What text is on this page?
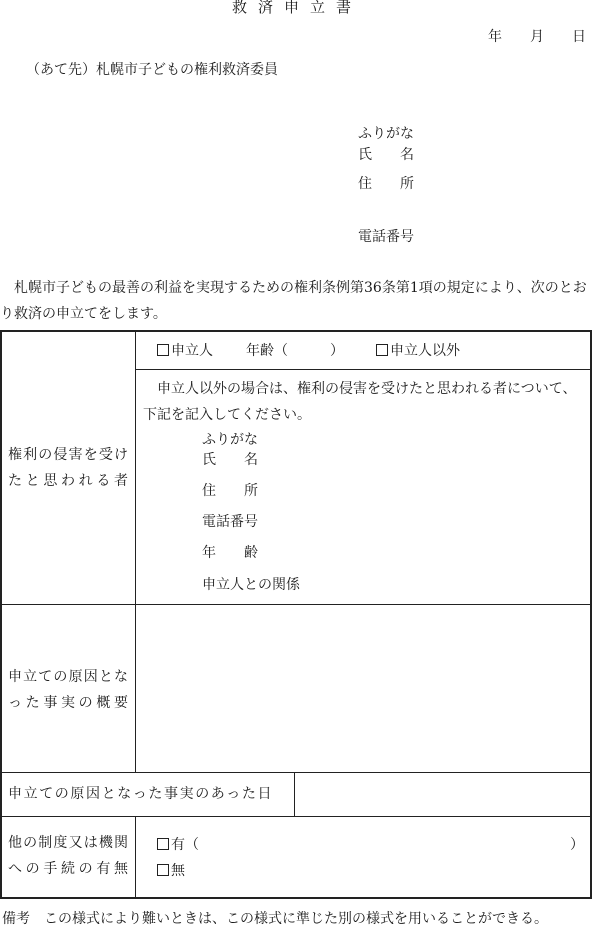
救済申立書
年　　月　　日
（あて先）札幌市子どもの権利救済委員
ふりがな
氏　　名
住　　所
電話番号
札幌市子どもの最善の利益を実現するための権利条例第36条第1項の規定により、次のとおり救済の申立てをします。
権利の侵害を受けたと思われる者
申立人 年齢（　　　）	申立人以外
申立人以外の場合は、権利の侵害を受けたと思われる者について、下記を記入してください。
ふりがな
氏　　名
住　　所
電話番号
年　　齢
申立人との関係
申立ての原因となった事実の概要
申立ての原因となった事実のあった日
他の制度又は機関への手続の有無
有（	）
無
備考　この様式により難いときは、この様式に準じた別の様式を用いることができる。
